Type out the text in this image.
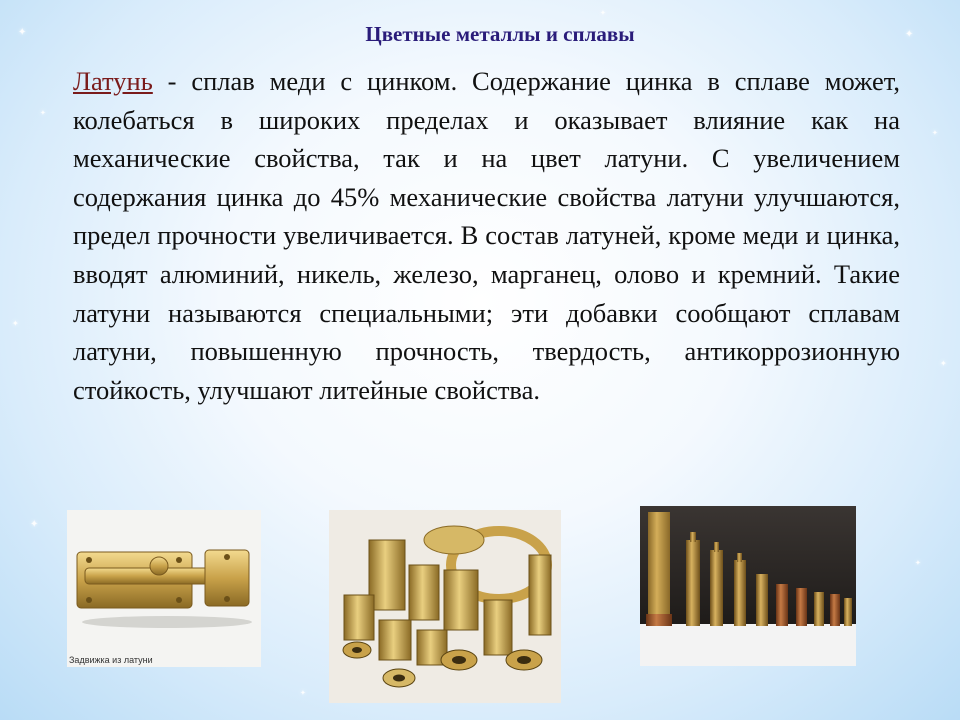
✦
✦
✦
✦
✦
✦
✦
✦
✦
✦
Цветные металлы и сплавы
Латунь - сплав меди с цинком. Содержание цинка в сплаве может, колебаться в широких пределах и оказывает влияние как на механические свойства, так и на цвет латуни. С увеличением содержания цинка до 45% механические свойства латуни улучшаются, предел прочности увеличивается. В состав латуней, кроме меди и цинка, вводят алюминий, никель, железо, марганец, олово и кремний. Такие латуни называются специальными; эти добавки сообщают сплавам латуни, повышенную прочность, твердость, антикоррозионную стойкость, улучшают литейные свойства.
Задвижка из латуни
